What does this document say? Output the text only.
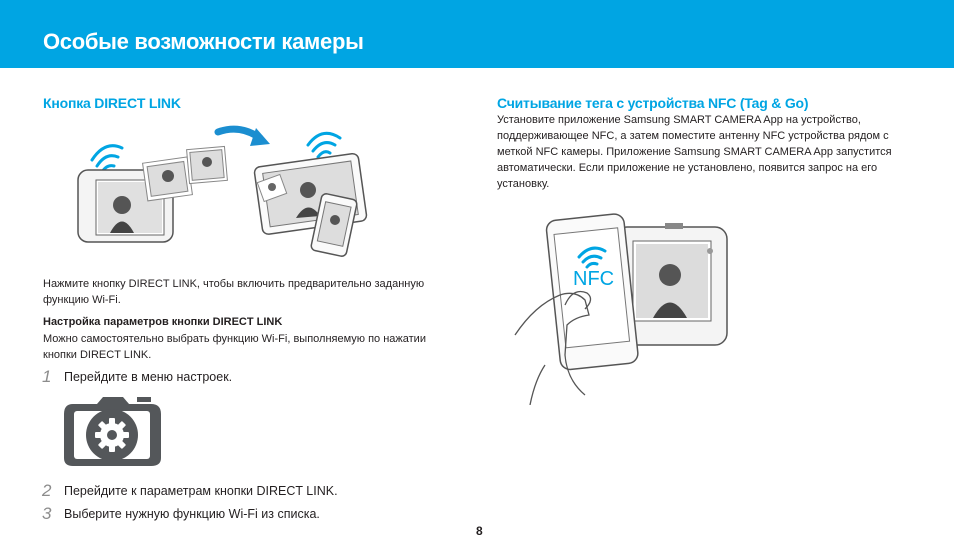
Особые возможности камеры
Кнопка DIRECT LINK

Нажмите кнопку DIRECT LINK, чтобы включить предварительно заданную функцию Wi-Fi.

Настройка параметров кнопки DIRECT LINK

Можно самостоятельно выбрать функцию Wi-Fi, выполняемую по нажатии кнопки DIRECT LINK.

1 Перейдите в меню настроек.
2 Перейдите к параметрам кнопки DIRECT LINK.
3 Выберите нужную функцию Wi-Fi из списка.
Считывание тега с устройства NFC (Tag & Go)

Установите приложение Samsung SMART CAMERA App на устройство, поддерживающее NFC, а затем поместите антенну NFC устройства рядом с меткой NFC камеры. Приложение Samsung SMART CAMERA App запустится автоматически. Если приложение не установлено, появится запрос на его установку.

NFC
8
